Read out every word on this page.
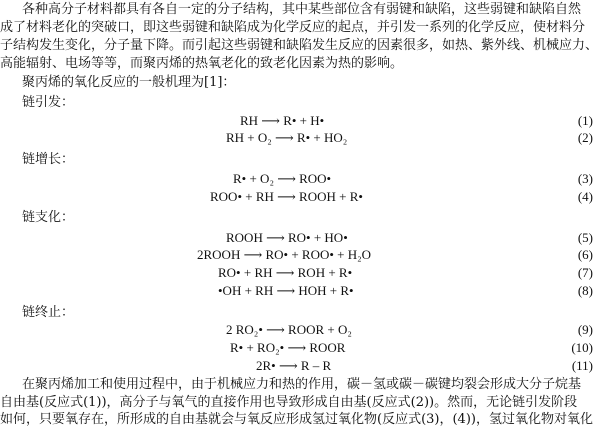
各种高分子材料都具有各自一定的分子结构，其中某些部位含有弱键和缺陷，这些弱键和缺陷自然
成了材料老化的突破口，即这些弱键和缺陷成为化学反应的起点，并引发一系列的化学反应，使材料分
子结构发生变化，分子量下降。而引起这些弱键和缺陷发生反应的因素很多，如热、紫外线、机械应力、
高能辐射、电场等等，而聚丙烯的热氧老化的致老化因素为热的影响。
聚丙烯的氧化反应的一般机理为[1]：
链引发：
RH ⟶ R• + H•	(1)
RH + O₂ ⟶ R• + HO₂	(2)
链增长：
R• + O₂ ⟶ ROO•	(3)
ROO• + RH ⟶ ROOH + R•	(4)
链支化：
ROOH ⟶ RO• + HO•	(5)
2ROOH ⟶ RO• + ROO• + H₂O	(6)
RO• + RH ⟶ ROH + R•	(7)
•OH + RH ⟶ HOH + R•	(8)
链终止：
2 RO₂• ⟶ ROOR + O₂	(9)
R• + RO₂• ⟶ ROOR	(10)
2R• ⟶ R – R	(11)
在聚丙烯加工和使用过程中，由于机械应力和热的作用，碳－氢或碳－碳键均裂会形成大分子烷基
自由基(反应式(1))，高分子与氧气的直接作用也导致形成自由基(反应式(2))。然而，无论链引发阶段
如何，只要氧存在，所形成的自由基就会与氧反应形成氢过氧化物(反应式(3)，(4))，氢过氧化物对氧化
